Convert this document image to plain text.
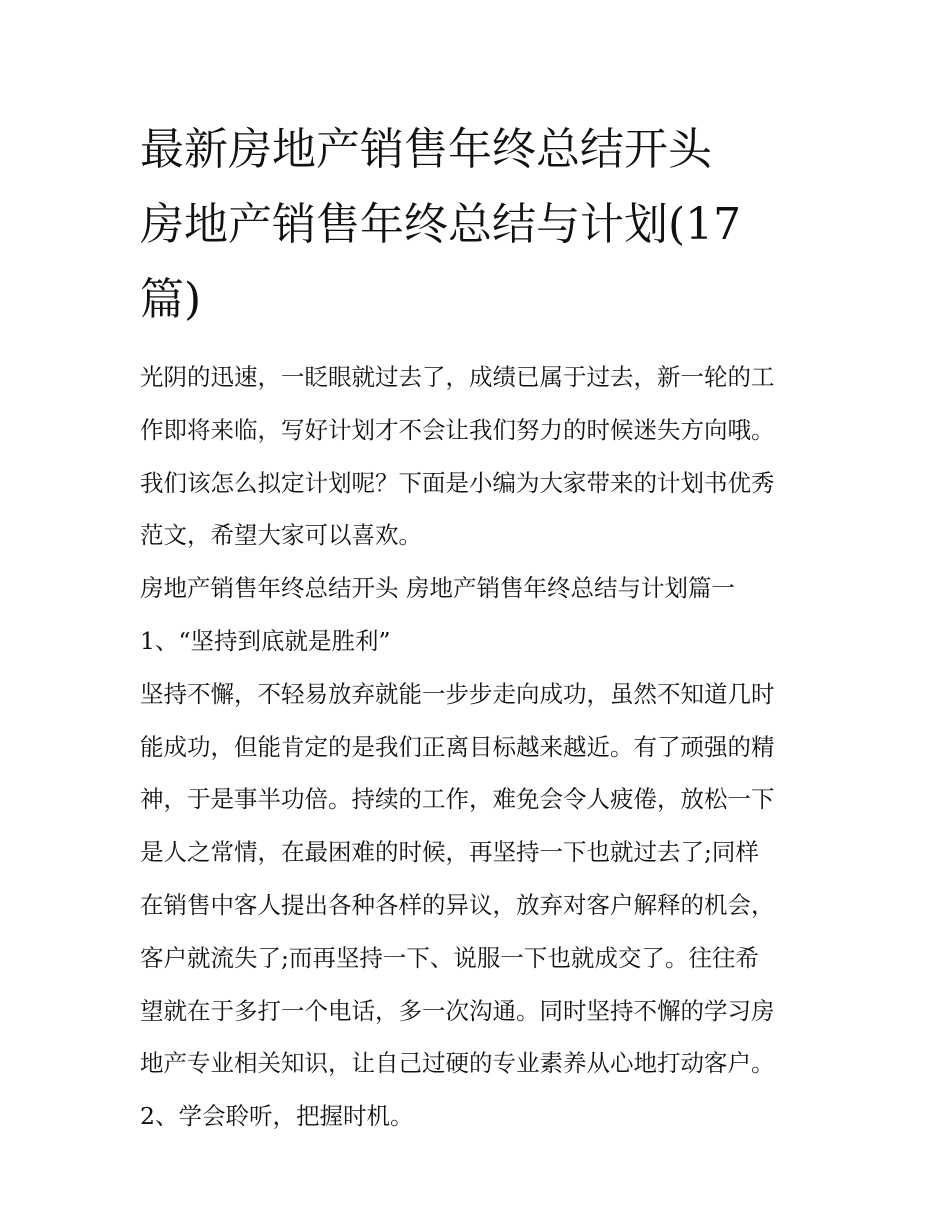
最新房地产销售年终总结开头
房地产销售年终总结与计划(17
篇)
光阴的迅速，一眨眼就过去了，成绩已属于过去，新一轮的工
作即将来临，写好计划才不会让我们努力的时候迷失方向哦。
我们该怎么拟定计划呢？下面是小编为大家带来的计划书优秀
范文，希望大家可以喜欢。
房地产销售年终总结开头 房地产销售年终总结与计划篇一
1、“坚持到底就是胜利”
坚持不懈，不轻易放弃就能一步步走向成功，虽然不知道几时
能成功，但能肯定的是我们正离目标越来越近。有了顽强的精
神，于是事半功倍。持续的工作，难免会令人疲倦，放松一下
是人之常情，在最困难的时候，再坚持一下也就过去了;同样
在销售中客人提出各种各样的异议，放弃对客户解释的机会，
客户就流失了;而再坚持一下、说服一下也就成交了。往往希
望就在于多打一个电话，多一次沟通。同时坚持不懈的学习房
地产专业相关知识，让自己过硬的专业素养从心地打动客户。
2、学会聆听，把握时机。
